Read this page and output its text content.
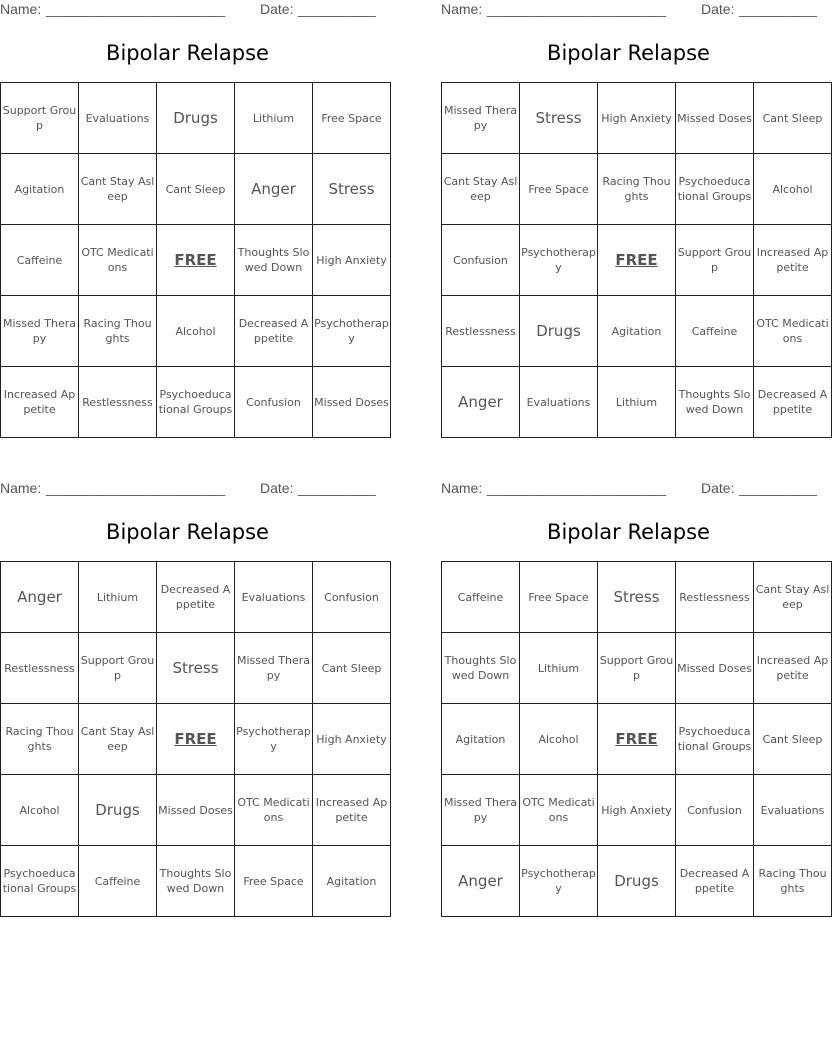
Name: _______________________ Date: __________
Bipolar Relapse
Support Group	Evaluations	Drugs	Lithium	Free Space
Agitation	Cant Stay Asleep	Cant Sleep	Anger	Stress
Caffeine	OTC Medications	FREE	Thoughts Slowed Down	High Anxiety
Missed Therapy	Racing Thoughts	Alcohol	Decreased Appetite	Psychotherapy
Increased Appetite	Restlessness	Psychoeducational Groups	Confusion	Missed Doses
Name: _______________________ Date: __________
Bipolar Relapse
Missed Therapy	Stress	High Anxiety	Missed Doses	Cant Sleep
Cant Stay Asleep	Free Space	Racing Thoughts	Psychoeducational Groups	Alcohol
Confusion	Psychotherapy	FREE	Support Group	Increased Appetite
Restlessness	Drugs	Agitation	Caffeine	OTC Medications
Anger	Evaluations	Lithium	Thoughts Slowed Down	Decreased Appetite
Name: _______________________ Date: __________
Bipolar Relapse
Anger	Lithium	Decreased Appetite	Evaluations	Confusion
Restlessness	Support Group	Stress	Missed Therapy	Cant Sleep
Racing Thoughts	Cant Stay Asleep	FREE	Psychotherapy	High Anxiety
Alcohol	Drugs	Missed Doses	OTC Medications	Increased Appetite
Psychoeducational Groups	Caffeine	Thoughts Slowed Down	Free Space	Agitation
Name: _______________________ Date: __________
Bipolar Relapse
Caffeine	Free Space	Stress	Restlessness	Cant Stay Asleep
Thoughts Slowed Down	Lithium	Support Group	Missed Doses	Increased Appetite
Agitation	Alcohol	FREE	Psychoeducational Groups	Cant Sleep
Missed Therapy	OTC Medications	High Anxiety	Confusion	Evaluations
Anger	Psychotherapy	Drugs	Decreased Appetite	Racing Thoughts
